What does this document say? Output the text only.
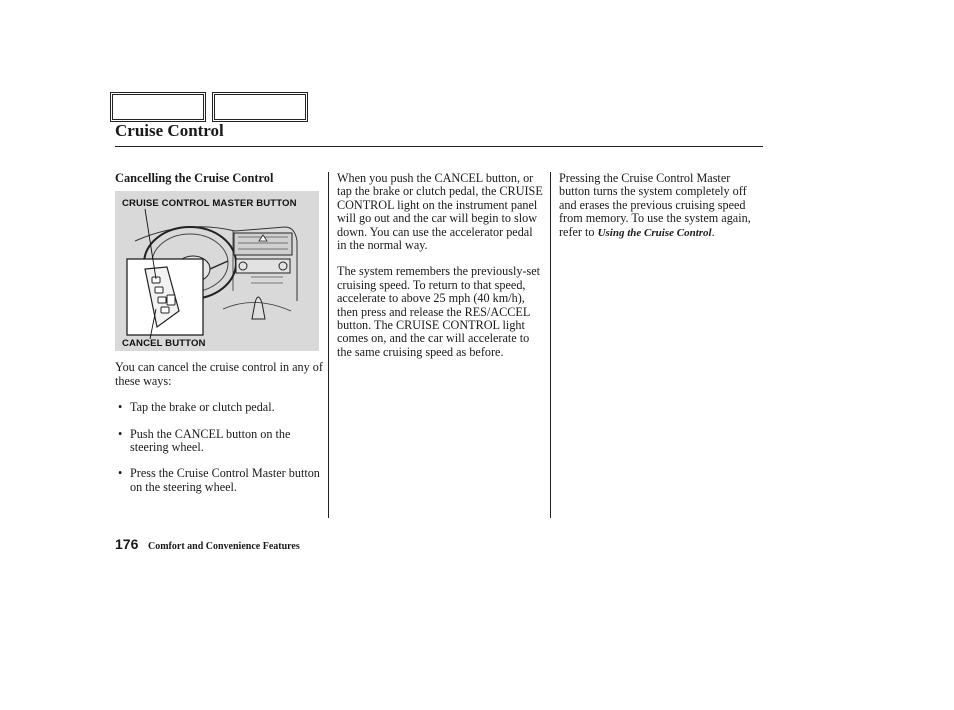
Cruise Control
Cancelling the Cruise Control
CRUISE CONTROL MASTER BUTTON
CANCEL BUTTON

You can cancel the cruise control in any of these ways:

• Tap the brake or clutch pedal.
• Push the CANCEL button on the steering wheel.
• Press the Cruise Control Master button on the steering wheel.

When you push the CANCEL button, or tap the brake or clutch pedal, the CRUISE CONTROL light on the instrument panel will go out and the car will begin to slow down. You can use the accelerator pedal in the normal way.

The system remembers the previously-set cruising speed. To return to that speed, accelerate to above 25 mph (40 km/h), then press and release the RES/ACCEL button. The CRUISE CONTROL light comes on, and the car will accelerate to the same cruising speed as before.

Pressing the Cruise Control Master button turns the system completely off and erases the previous cruising speed from memory. To use the system again, refer to Using the Cruise Control.

176 Comfort and Convenience Features
